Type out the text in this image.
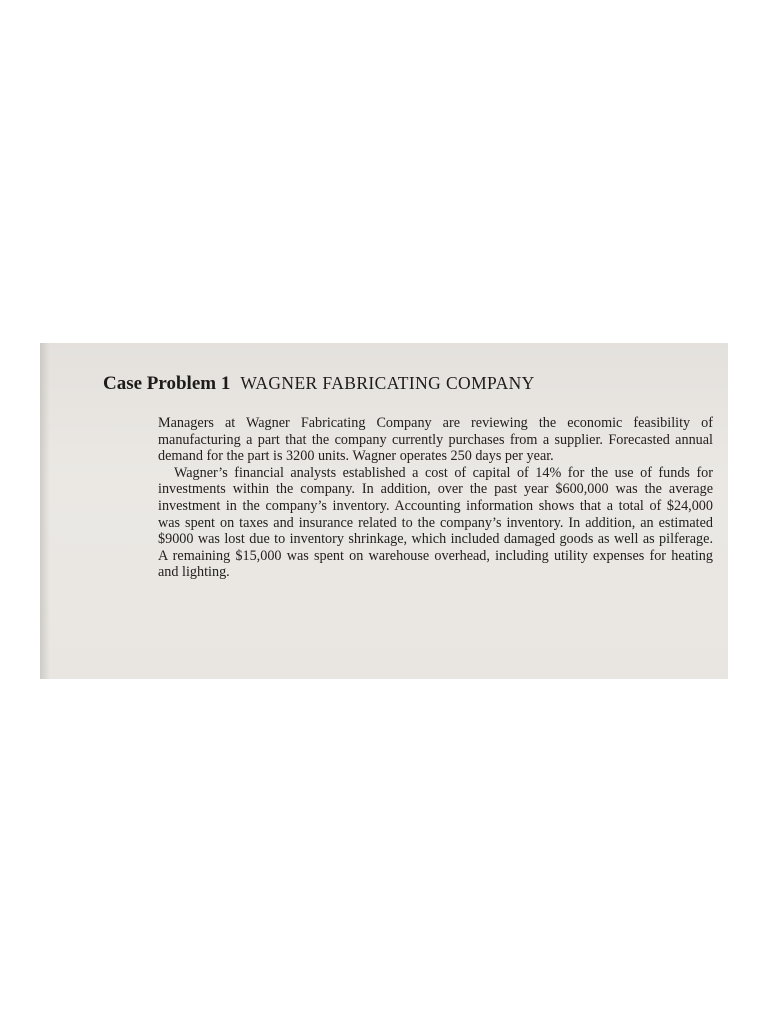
Case Problem 1 WAGNER FABRICATING COMPANY

Managers at Wagner Fabricating Company are reviewing the economic feasibility of manufacturing a part that the company currently purchases from a supplier. Forecasted annual demand for the part is 3200 units. Wagner operates 250 days per year.

Wagner’s financial analysts established a cost of capital of 14% for the use of funds for investments within the company. In addition, over the past year $600,000 was the average investment in the company’s inventory. Accounting information shows that a total of $24,000 was spent on taxes and insurance related to the company’s inventory. In addition, an estimated $9000 was lost due to inventory shrinkage, which included damaged goods as well as pilferage. A remaining $15,000 was spent on warehouse overhead, including utility expenses for heating and lighting.
